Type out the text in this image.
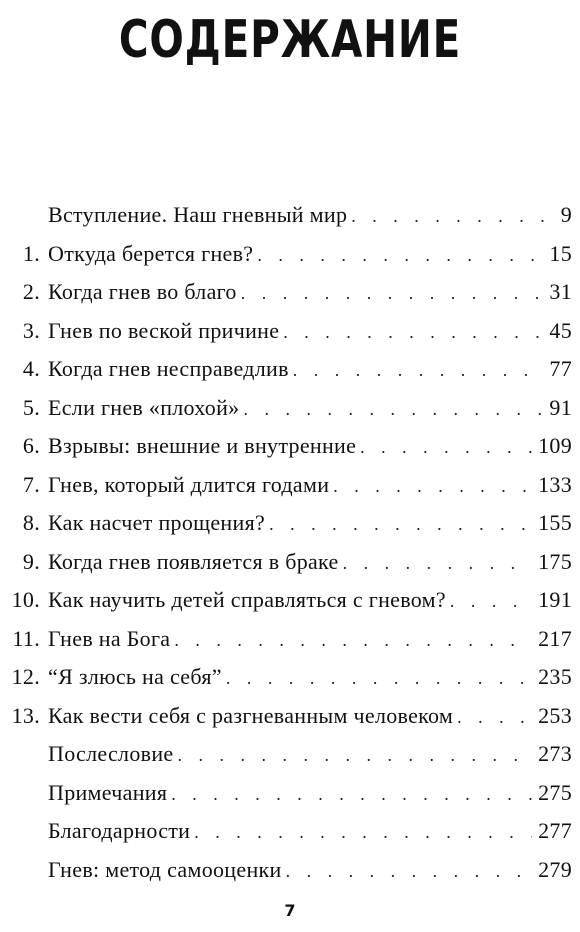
СОДЕРЖАНИЕ
Вступление. Наш гневный мир . . .	9
1. Откуда берется гнев? . . .	15
2. Когда гнев во благо . . .	31
3. Гнев по веской причине . . .	45
4. Когда гнев несправедлив . . .	77
5. Если гнев «плохой» . . .	91
6. Взрывы: внешние и внутренние . . .	109
7. Гнев, который длится годами . . .	133
8. Как насчет прощения? . . .	155
9. Когда гнев появляется в браке . . .	175
10. Как научить детей справляться с гневом? . . .	191
11. Гнев на Бога . . .	217
12. “Я злюсь на себя” . . .	235
13. Как вести себя с разгневанным человеком . . .	253
Послесловие . . .	273
Примечания . . .	275
Благодарности . . .	277
Гнев: метод самооценки . . .	279
7
